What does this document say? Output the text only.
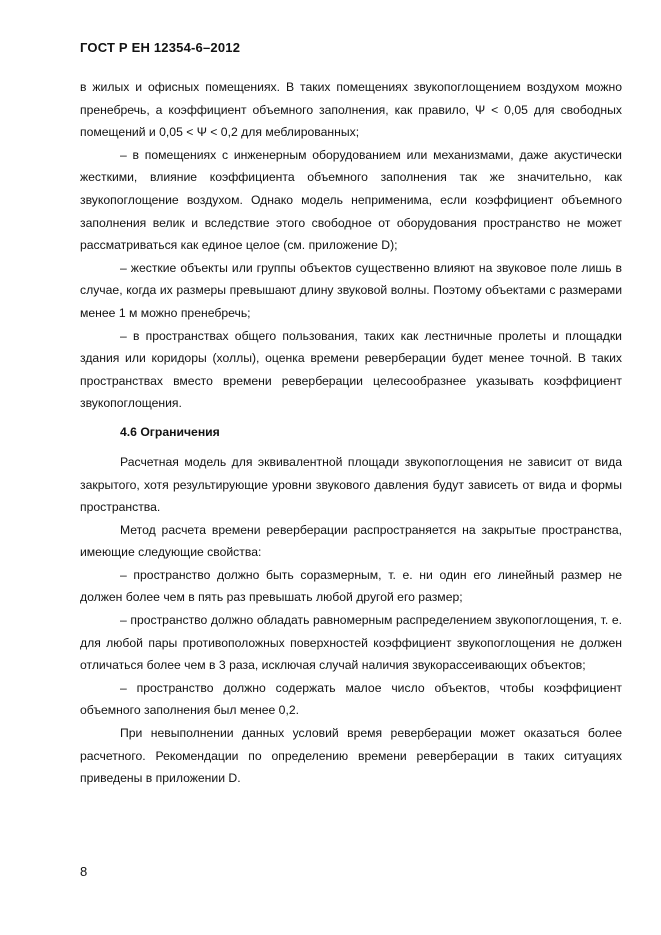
ГОСТ Р ЕН 12354-6–2012

в жилых и офисных помещениях. В таких помещениях звукопоглощением воздухом можно пренебречь, а коэффициент объемного заполнения, как правило, Ψ < 0,05 для свободных помещений и 0,05 < Ψ < 0,2 для меблированных;

– в помещениях с инженерным оборудованием или механизмами, даже акустически жесткими, влияние коэффициента объемного заполнения так же значительно, как звукопоглощение воздухом. Однако модель неприменима, если коэффициент объемного заполнения велик и вследствие этого свободное от оборудования пространство не может рассматриваться как единое целое (см. приложение D);

– жесткие объекты или группы объектов существенно влияют на звуковое поле лишь в случае, когда их размеры превышают длину звуковой волны. Поэтому объектами с размерами менее 1 м можно пренебречь;

– в пространствах общего пользования, таких как лестничные пролеты и площадки здания или коридоры (холлы), оценка времени реверберации будет менее точной. В таких пространствах вместо времени реверберации целесообразнее указывать коэффициент звукопоглощения.

4.6 Ограничения

Расчетная модель для эквивалентной площади звукопоглощения не зависит от вида закрытого, хотя результирующие уровни звукового давления будут зависеть от вида и формы пространства.

Метод расчета времени реверберации распространяется на закрытые пространства, имеющие следующие свойства:

– пространство должно быть соразмерным, т. е. ни один его линейный размер не должен более чем в пять раз превышать любой другой его размер;

– пространство должно обладать равномерным распределением звукопоглощения, т. е. для любой пары противоположных поверхностей коэффициент звукопоглощения не должен отличаться более чем в 3 раза, исключая случай наличия звукорассеивающих объектов;

– пространство должно содержать малое число объектов, чтобы коэффициент объемного заполнения был менее 0,2.

При невыполнении данных условий время реверберации может оказаться более расчетного. Рекомендации по определению времени реверберации в таких ситуациях приведены в приложении D.

8
